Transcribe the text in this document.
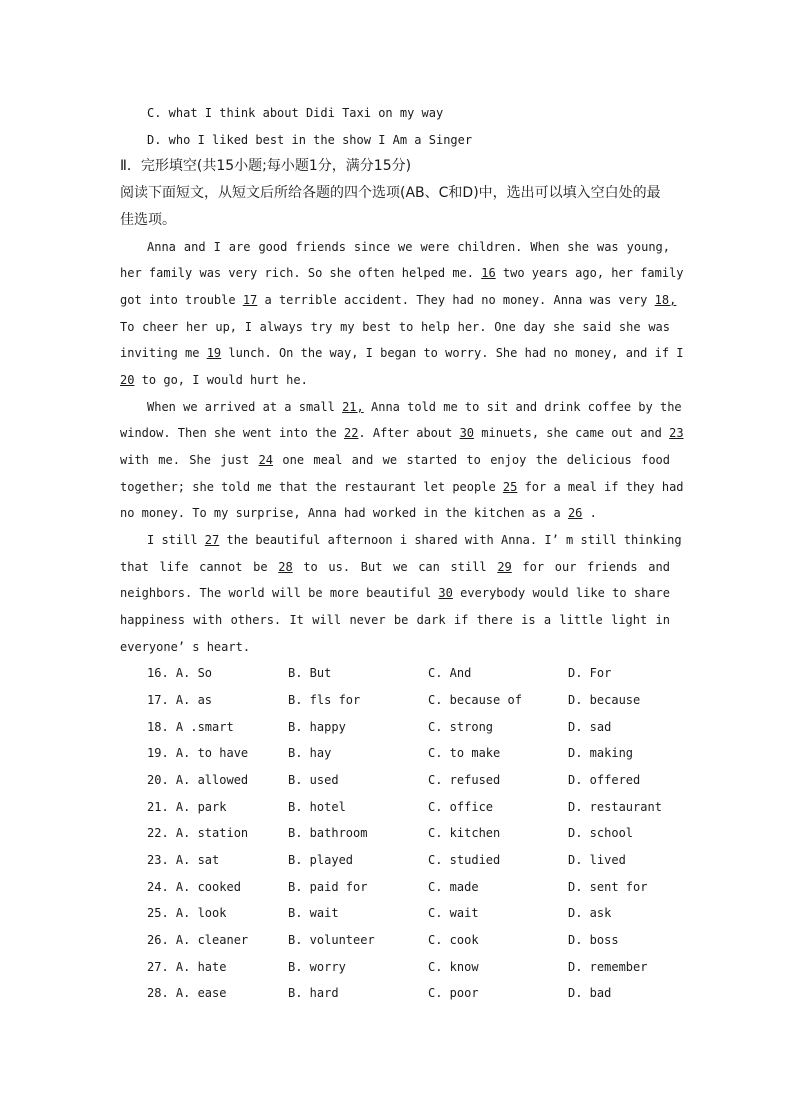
C. what I think about Didi Taxi on my way
D. who I liked best in the show I Am a Singer
Ⅱ．完形填空(共15小题;每小题1分，满分15分)
阅读下面短文，从短文后所给各题的四个选项(AB、C和D)中，选出可以填入空白处的最
佳选项。
Anna and I are good friends since we were children. When she was young,
her family was very rich. So she often helped me. 16 two years ago, her family
got into trouble 17 a terrible accident. They had no money. Anna was very 18,
To cheer her up, I always try my best to help her. One day she said she was
inviting me 19 lunch. On the way, I began to worry. She had no money, and if I
20 to go, I would hurt he.
When we arrived at a small 21, Anna told me to sit and drink coffee by the
window. Then she went into the 22. After about 30 minuets, she came out and 23
with me. She just 24 one meal and we started to enjoy the delicious food
together; she told me that the restaurant let people 25 for a meal if they had
no money. To my surprise, Anna had worked in the kitchen as a 26 .
I still 27 the beautiful afternoon i shared with Anna. I’ m still thinking
that life cannot be 28 to us. But we can still 29 for our friends and
neighbors. The world will be more beautiful 30 everybody would like to share
happiness with others. It will never be dark if there is a little light in
everyone’ s heart.
16. A. So	B. But	C. And	D. For
17. A. as	B. fls for	C. because of	D. because
18. A .smart	B. happy	C. strong	D. sad
19. A. to have	B. hay	C. to make	D. making
20. A. allowed	B. used	C. refused	D. offered
21. A. park	B. hotel	C. office	D. restaurant
22. A. station	B. bathroom	C. kitchen	D. school
23. A. sat	B. played	C. studied	D. lived
24. A. cooked	B. paid for	C. made	D. sent for
25. A. look	B. wait	C. wait	D. ask
26. A. cleaner	B. volunteer	C. cook	D. boss
27. A. hate	B. worry	C. know	D. remember
28. A. ease	B. hard	C. poor	D. bad
